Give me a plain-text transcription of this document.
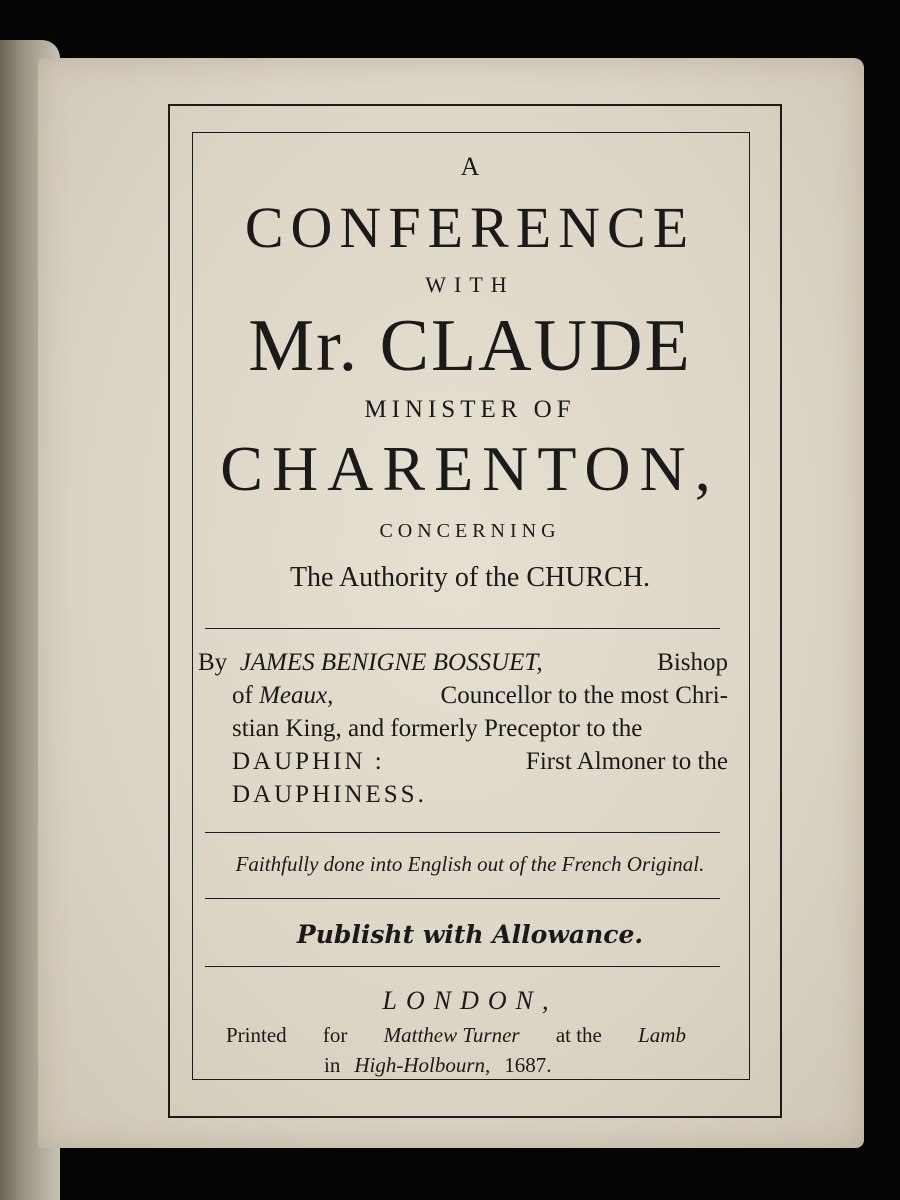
A

CONFERENCE

WITH

Mr. CLAUDE

MINISTER OF

CHARENTON,

CONCERNING

The Authority of the CHURCH.

By JAMES BENIGNE BOSSUET,	Bishop
of Meaux,	Councellor to the most Chri-
stian King, and formerly Preceptor to the
DAUPHIN :	First Almoner to the
DAUPHINESS.

Faithfully done into English out of the French Original.

Publisht with Allowance.

LONDON,

Printed for Matthew Turner at the Lamb
in High-Holbourn, 1687.
